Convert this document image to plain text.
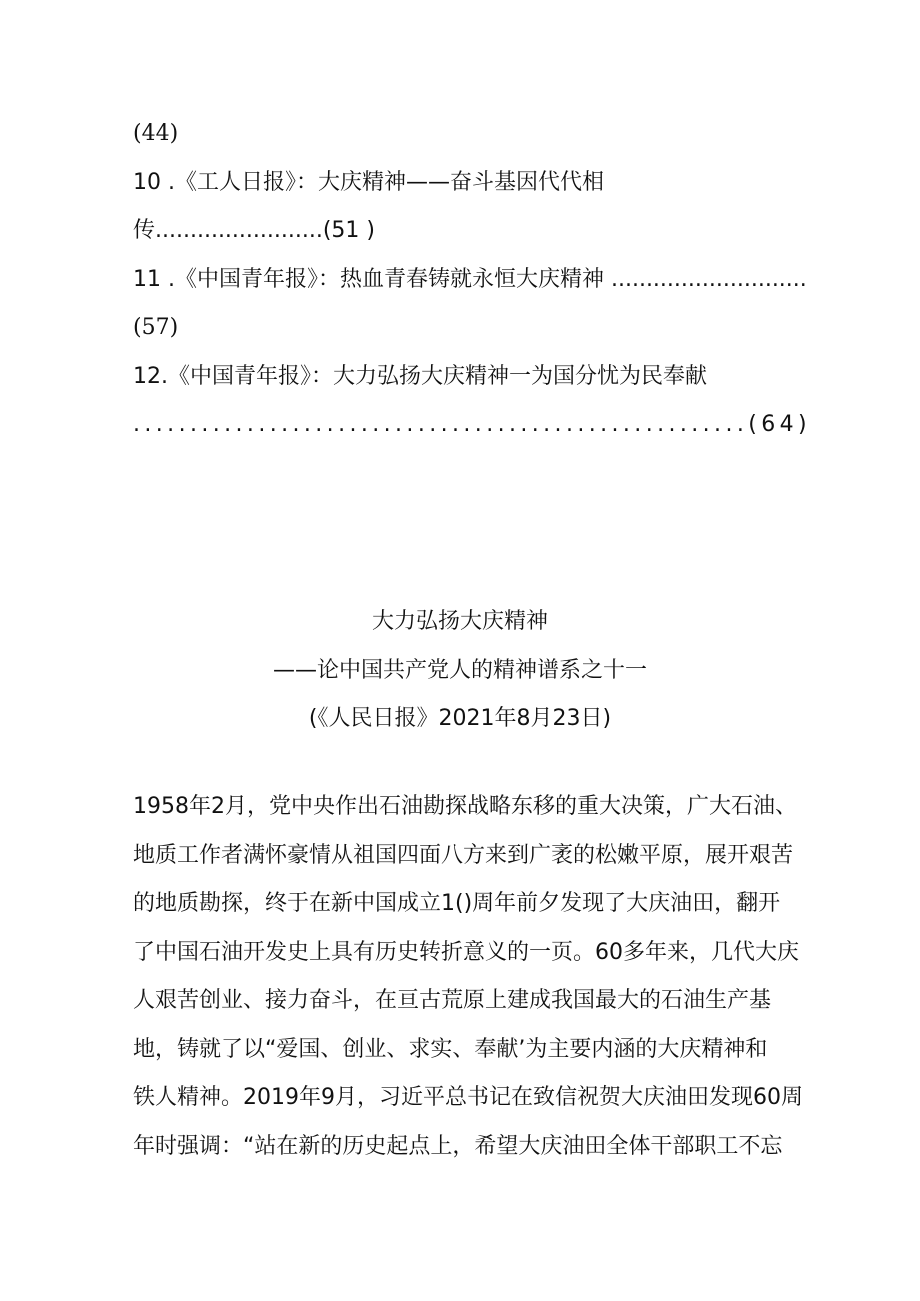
(44)
10 .《工人日报》：大庆精神——奋斗基因代代相
传........................(51 )
11 .《中国青年报》：热血青春铸就永恒大庆精神 ............................
(57)
12.《中国青年报》：大力弘扬大庆精神一为国分忧为民奉献
......................................................(64)
大力弘扬大庆精神
——论中国共产党人的精神谱系之十一
(《人民日报》2021年8月23日)
1958年2月，党中央作出石油勘探战略东移的重大决策，广大石油、
地质工作者满怀豪情从祖国四面八方来到广袤的松嫩平原，展开艰苦
的地质勘探，终于在新中国成立1()周年前夕发现了大庆油田，翻开
了中国石油开发史上具有历史转折意义的一页。60多年来，几代大庆
人艰苦创业、接力奋斗，在亘古荒原上建成我国最大的石油生产基
地，铸就了以“爱国、创业、求实、奉献’为主要内涵的大庆精神和
铁人精神。2019年9月，习近平总书记在致信祝贺大庆油田发现60周
年时强调：“站在新的历史起点上，希望大庆油田全体干部职工不忘
